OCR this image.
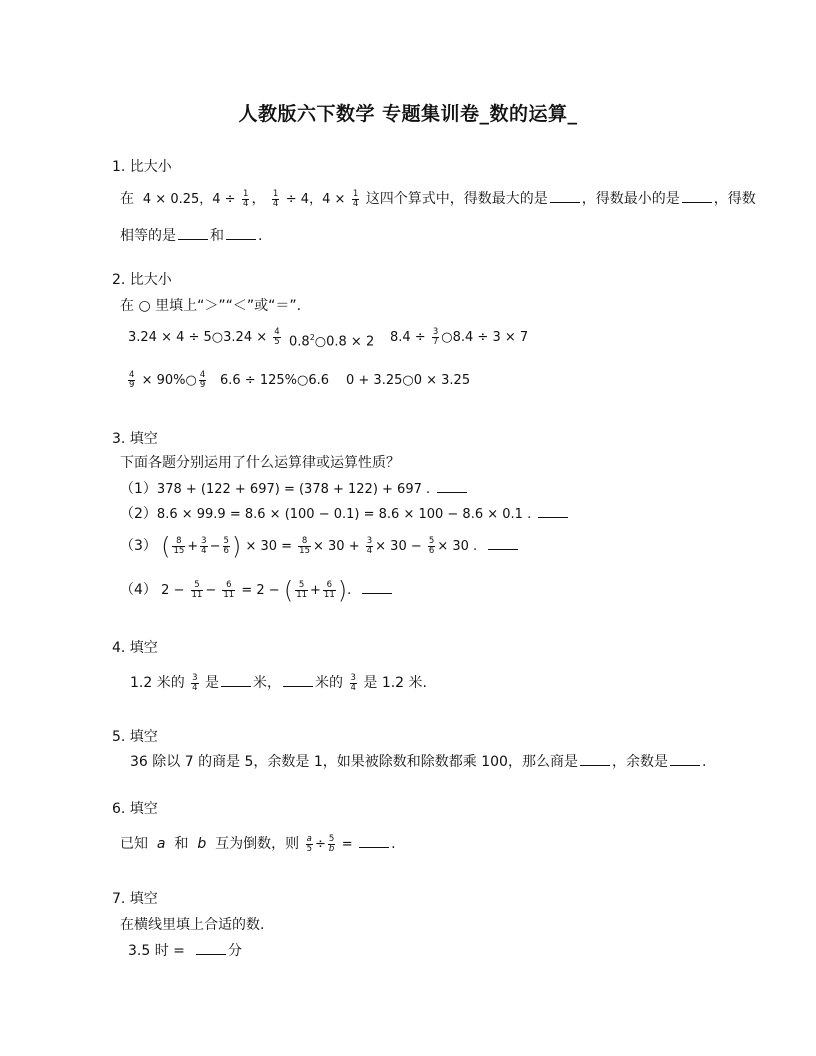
人教版六下数学 专题集训卷_数的运算_
1. 比大小
在 4 × 0.25，$4 \div \frac{1}{4}$ ， $\frac{1}{4} \div 4$，$4 \times \frac{1}{4}$ 这四个算式中，得数最大的是 ，得数最小的是 ，得数
相等的是 和 .
2. 比大小
在 ○ 里填上“＞”“＜”或“＝”.
3.24 × 4 ÷ 5○3.24 × $\frac{4}{5}$ $0.8^2○0.8 \times 2$ $8.4 \div \frac{3}{7}$ ○8.4 ÷ 3 × 7
$\frac{4}{9}$ × 90%○ $\frac{4}{9} 6.6$ ÷ 125%○6.6 0 + 3.25○0 × 3.25
3. 填空
下面各题分别运用了什么运算律或运算性质？
（1）378 + (122 + 697) = (378 + 122) + 697 .
（2）8.6 × 99.9 = 8.6 × (100 − 0.1) = 8.6 × 100 − 8.6 × 0.1 .
（3） ( $\frac{8}{15} + \frac{3}{4} - \frac{5}{6}$ ) × $30 = \frac{8}{15} \times 30 + \frac{3}{4} \times 30 - \frac{5}{6} \times 30$ .
（4） $2 - \frac{5}{11} - \frac{6}{11} = 2$ − ( $\frac{5}{11} + \frac{6}{11}$ ).
4. 填空
1.2 米的 $\frac{3}{4}$ 是 米， 米的 $\frac{3}{4}$ 是 1.2 米.
5. 填空
36 除以 7 的商是 5，余数是 1，如果被除数和除数都乘 100，那么商是 ，余数是 .
6. 填空
已知 a 和 b 互为倒数，则 $\frac{a}{5} \div \frac{5}{b}$ =	.
7. 填空
在横线里填上合适的数.
3.5 时 =	分
